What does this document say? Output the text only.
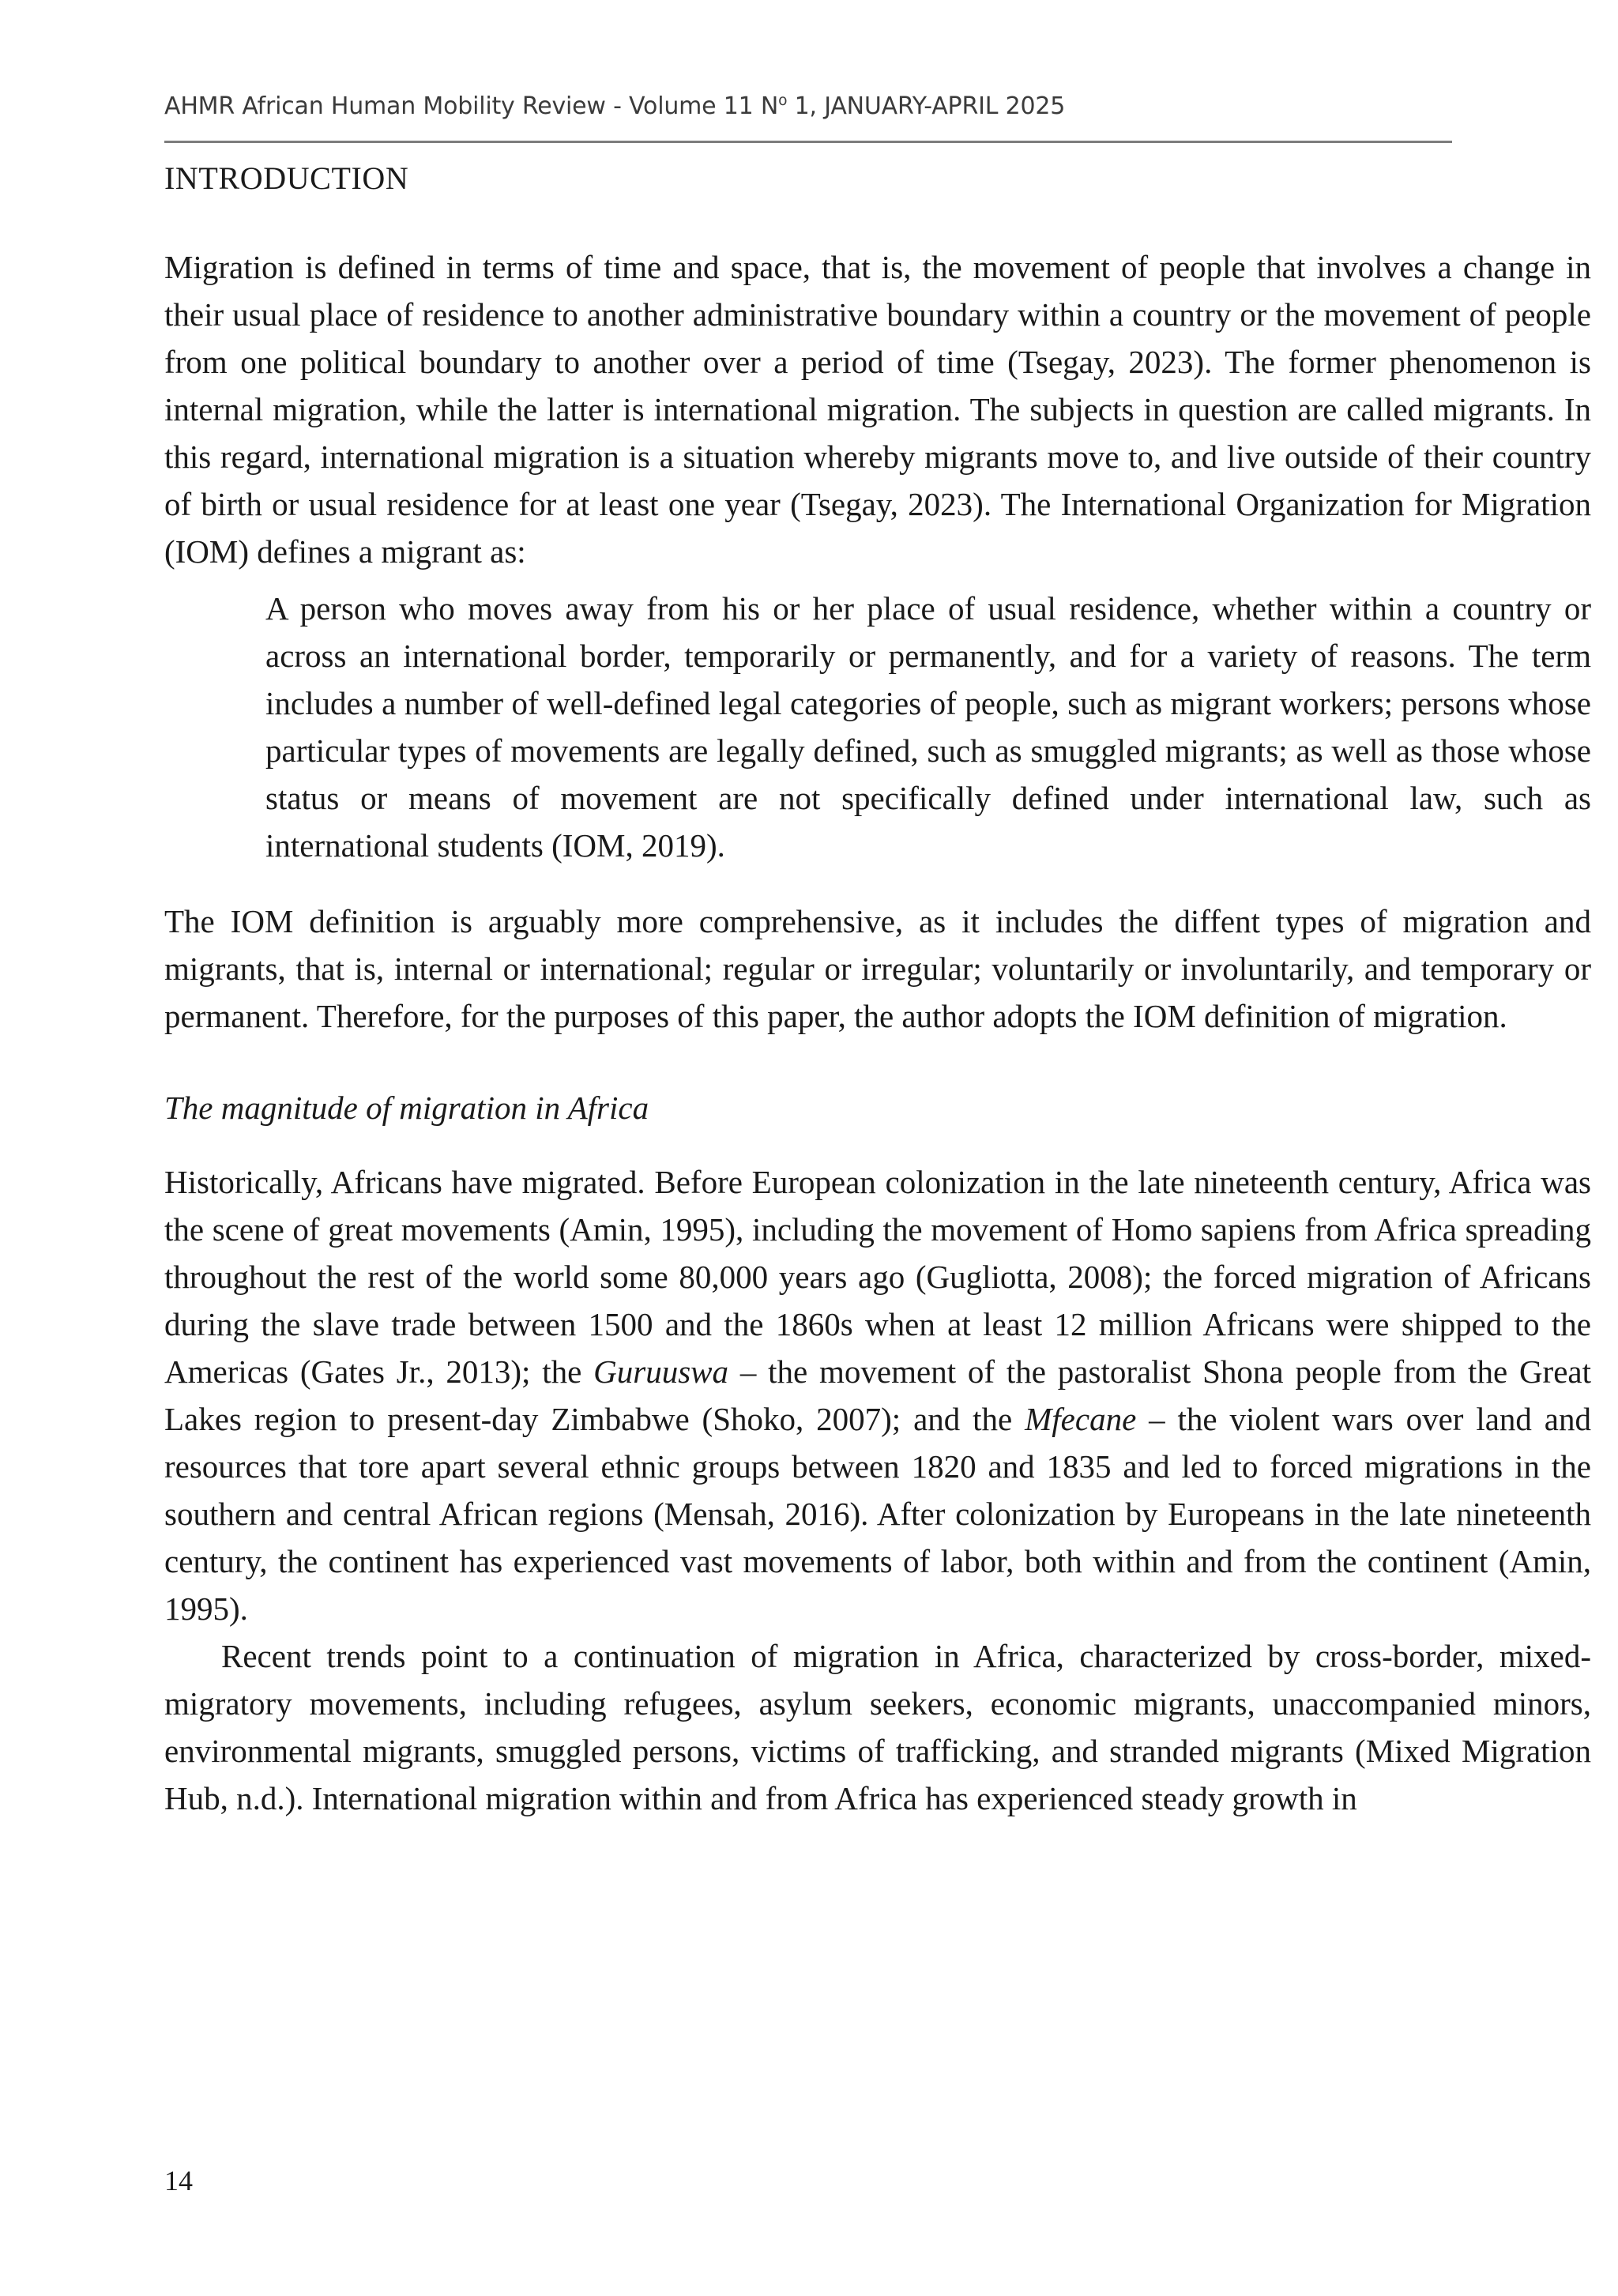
AHMR African Human Mobility Review - Volume 11 $N^o$ 1, JANUARY-APRIL 2025
INTRODUCTION

Migration is defined in terms of time and space, that is, the movement of people that involves a change in their usual place of residence to another administrative boundary within a country or the movement of people from one political boundary to another over a period of time (Tsegay, 2023). The former phenomenon is internal migration, while the latter is international migration. The subjects in question are called migrants. In this regard, international migration is a situation whereby migrants move to, and live outside of their country of birth or usual residence for at least one year (Tsegay, 2023). The International Organization for Migration (IOM) defines a migrant as:

A person who moves away from his or her place of usual residence, whether within a country or across an international border, temporarily or permanently, and for a variety of reasons. The term includes a number of well-defined legal categories of people, such as migrant workers; persons whose particular types of movements are legally defined, such as smuggled migrants; as well as those whose status or means of movement are not specifically defined under international law, such as international students (IOM, 2019).

The IOM definition is arguably more comprehensive, as it includes the diffent types of migration and migrants, that is, internal or international; regular or irregular; voluntarily or involuntarily, and temporary or permanent. Therefore, for the purposes of this paper, the author adopts the IOM definition of migration.

The magnitude of migration in Africa

Historically, Africans have migrated. Before European colonization in the late nineteenth century, Africa was the scene of great movements (Amin, 1995), including the movement of Homo sapiens from Africa spreading throughout the rest of the world some 80,000 years ago (Gugliotta, 2008); the forced migration of Africans during the slave trade between 1500 and the 1860s when at least 12 million Africans were shipped to the Americas (Gates Jr., 2013); the Guruuswa – the movement of the pastoralist Shona people from the Great Lakes region to present-day Zimbabwe (Shoko, 2007); and the Mfecane – the violent wars over land and resources that tore apart several ethnic groups between 1820 and 1835 and led to forced migrations in the southern and central African regions (Mensah, 2016). After colonization by Europeans in the late nineteenth century, the continent has experienced vast movements of labor, both within and from the continent (Amin, 1995).

Recent trends point to a continuation of migration in Africa, characterized by cross-border, mixed-migratory movements, including refugees, asylum seekers, economic migrants, unaccompanied minors, environmental migrants, smuggled persons, victims of trafficking, and stranded migrants (Mixed Migration Hub, n.d.). International migration within and from Africa has experienced steady growth in

14
